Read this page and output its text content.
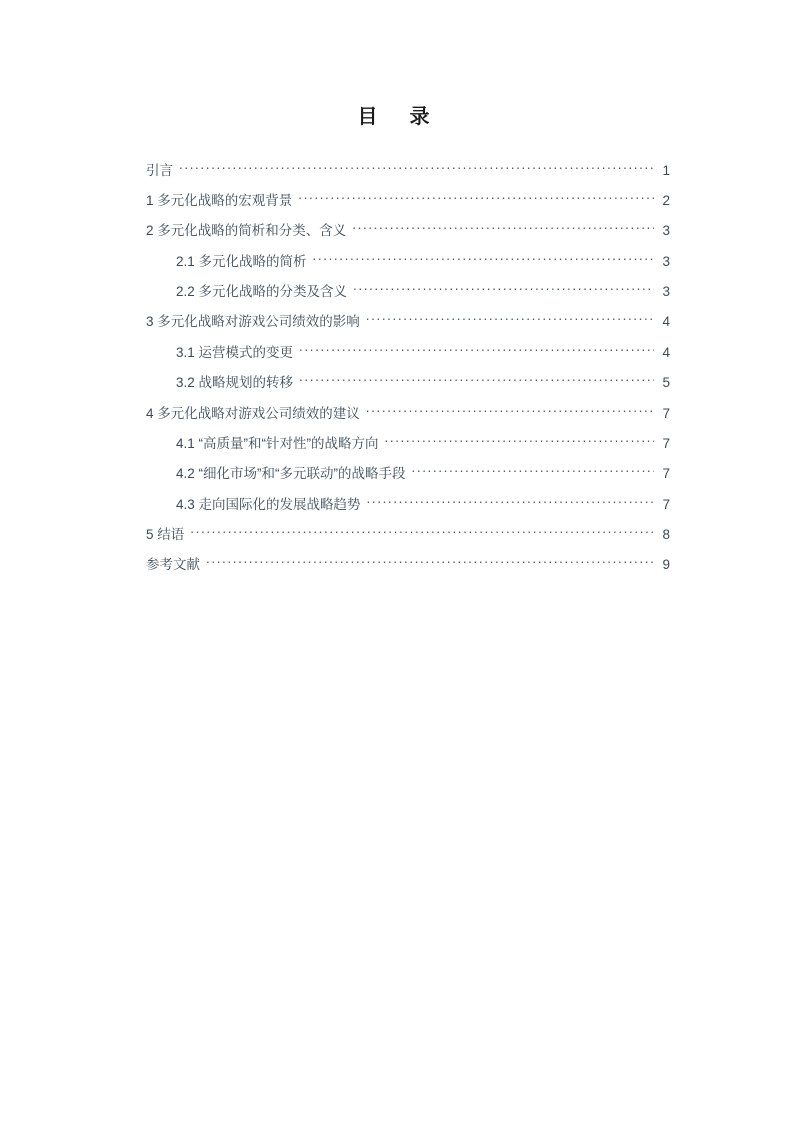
目　录
引言 .....	1
1 多元化战略的宏观背景 .....	2
2 多元化战略的简析和分类、含义 .....	3
2.1 多元化战略的简析 .....	3
2.2 多元化战略的分类及含义 .....	3
3 多元化战略对游戏公司绩效的影响 .....	4
3.1 运营模式的变更 .....	4
3.2 战略规划的转移 .....	5
4 多元化战略对游戏公司绩效的建议 .....	7
4.1 “高质量”和“针对性”的战略方向 .....	7
4.2 “细化市场”和“多元联动”的战略手段 .....	7
4.3 走向国际化的发展战略趋势 .....	7
5 结语 .....	8
参考文献 .....	9
